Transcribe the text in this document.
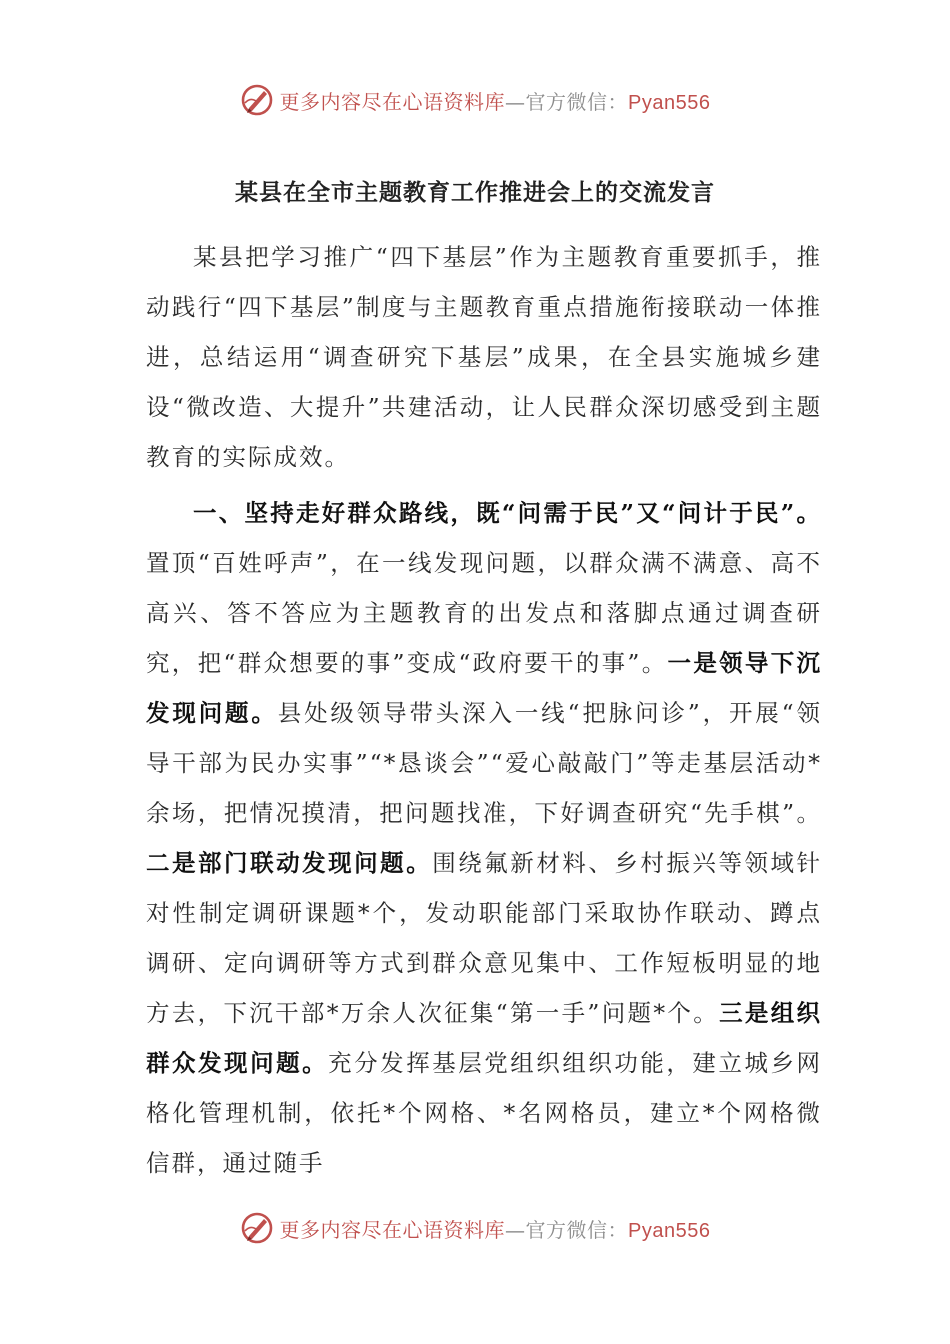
更多内容尽在心语资料库—官方微信：Pyan556
某县在全市主题教育工作推进会上的交流发言

某县把学习推广“四下基层”作为主题教育重要抓手，推动践行“四下基层”制度与主题教育重点措施衔接联动一体推进，总结运用“调查研究下基层”成果，在全县实施城乡建设“微改造、大提升”共建活动，让人民群众深切感受到主题教育的实际成效。

一、坚持走好群众路线，既“问需于民”又“问计于民”。置顶“百姓呼声”，在一线发现问题，以群众满不满意、高不高兴、答不答应为主题教育的出发点和落脚点通过调查研究，把“群众想要的事”变成“政府要干的事”。一是领导下沉发现问题。县处级领导带头深入一线“把脉问诊”，开展“领导干部为民办实事”“*恳谈会”“爱心敲敲门”等走基层活动*余场，把情况摸清，把问题找准，下好调查研究“先手棋”。二是部门联动发现问题。围绕氟新材料、乡村振兴等领域针对性制定调研课题*个，发动职能部门采取协作联动、蹲点调研、定向调研等方式到群众意见集中、工作短板明显的地方去，下沉干部*万余人次征集“第一手”问题*个。三是组织群众发现问题。充分发挥基层党组织组织功能，建立城乡网格化管理机制，依托*个网格、*名网格员，建立*个网格微信群，通过随手

更多内容尽在心语资料库—官方微信：Pyan556
